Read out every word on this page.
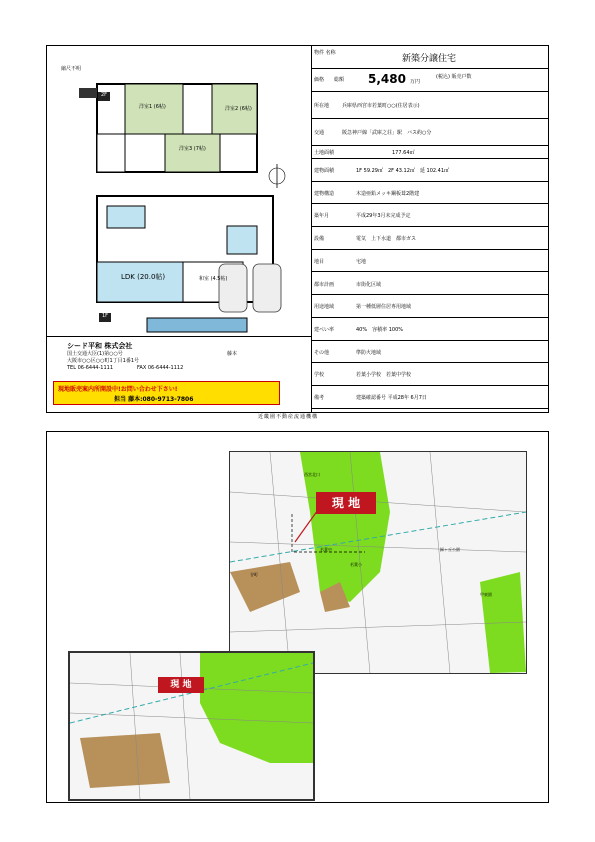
縮尺不明
2F
1F
洋室1 (6帖)	洋室2 (6帖)
洋室3 (7帖)
LDK (20.0帖)	和室 (4.5帖)
シード平和 株式会社
国土交通大臣(1)第○○号
大阪市○○区○○町1丁目1番1号
TEL 06-6444-1111	FAX 06-6444-1112
藤本
現地販売案内所開設中!お問い合わせ下さい!
担当 藤本:080-9713-7806
物件 名称
新築分譲住宅
価格 総額 5,480 万円
(税込) 販売戸数
所在地	兵庫県西宮市若葉町○○(住居表示)
交通	阪急神戸線「武庫之荘」駅　バス約○分
土地面積	177.64㎡
建物面積	1F 59.29㎡　2F 43.12㎡　延 102.41㎡
建物構造	木造亜鉛メッキ鋼板葺2階建
築年月	平成29年3月末完成予定
設備	電気　上下水道　都市ガス
地目	宅地
都市計画	市街化区域
用途地域	第一種低層住居専用地域
建ぺい率	40%　容積率 100%
その他	準防火地域
学校	若葉小学校　若葉中学校
備考	建築確認番号 平成28年 6月7日
現 地
西宮北口
若葉中
若葉小
緑ヶ丘公園
谷町
甲東園
現 地
近畿圏不動産流通機構
